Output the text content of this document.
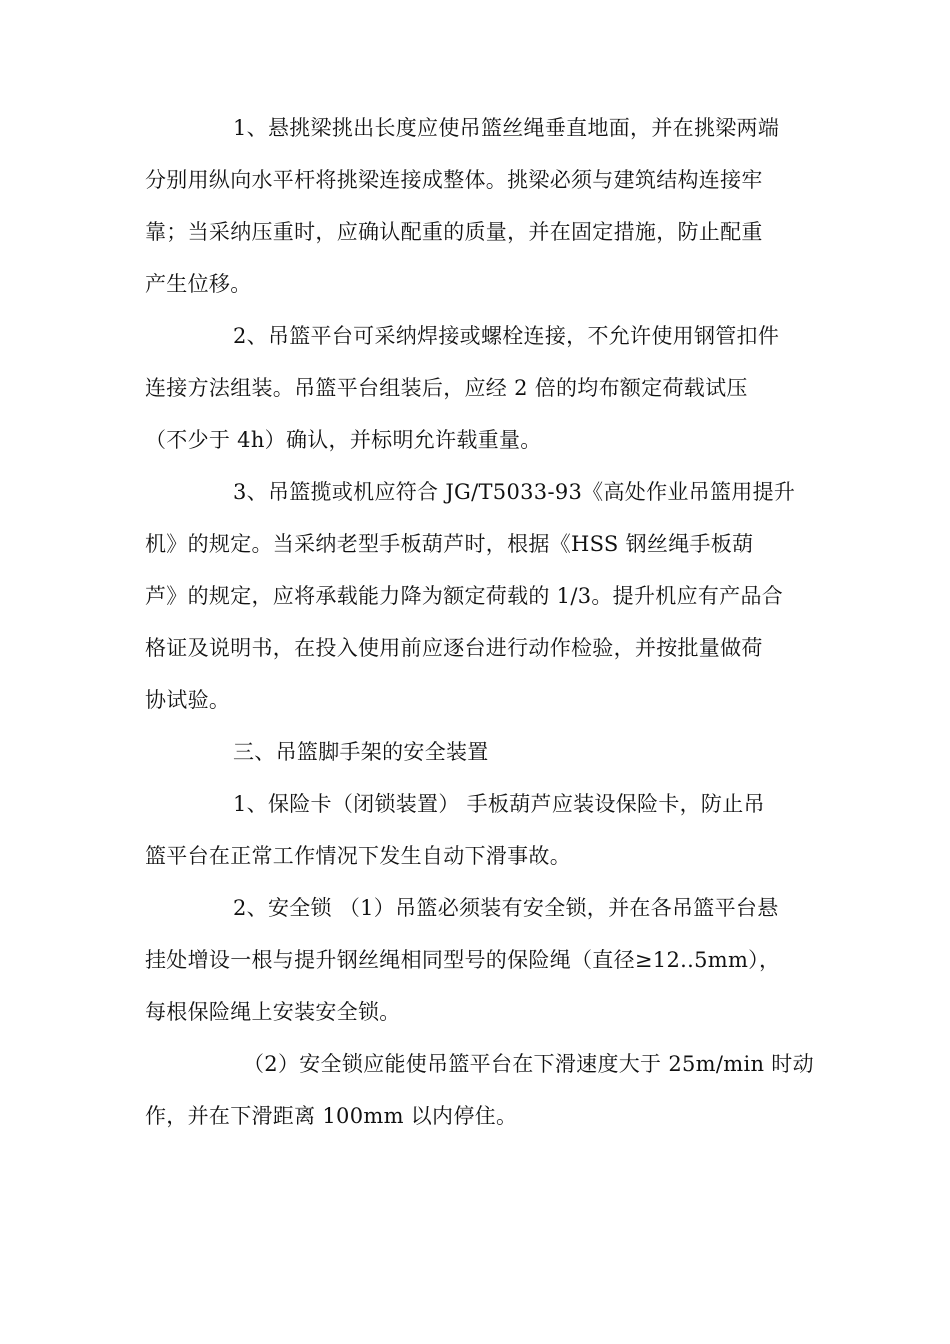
1、悬挑梁挑出长度应使吊篮丝绳垂直地面，并在挑梁两端
分别用纵向水平杆将挑梁连接成整体。挑梁必须与建筑结构连接牢
靠；当采纳压重时，应确认配重的质量，并在固定措施，防止配重
产生位移。
2、吊篮平台可采纳焊接或螺栓连接，不允许使用钢管扣件
连接方法组装。吊篮平台组装后，应经 2 倍的均布额定荷载试压
（不少于 4h）确认，并标明允许载重量。
3、吊篮揽或机应符合 JG/T5033-93《高处作业吊篮用提升
机》的规定。当采纳老型手板葫芦时，根据《HSS 钢丝绳手板葫
芦》的规定，应将承载能力降为额定荷载的 1/3。提升机应有产品合
格证及说明书，在投入使用前应逐台进行动作检验，并按批量做荷
协试验。
三、吊篮脚手架的安全装置
1、保险卡（闭锁装置） 手板葫芦应装设保险卡，防止吊
篮平台在正常工作情况下发生自动下滑事故。
2、安全锁 （1）吊篮必须装有安全锁，并在各吊篮平台悬
挂处增设一根与提升钢丝绳相同型号的保险绳（直径≥12..5mm），
每根保险绳上安装安全锁。
（2）安全锁应能使吊篮平台在下滑速度大于 25m/min 时动
作，并在下滑距离 100mm 以内停住。
